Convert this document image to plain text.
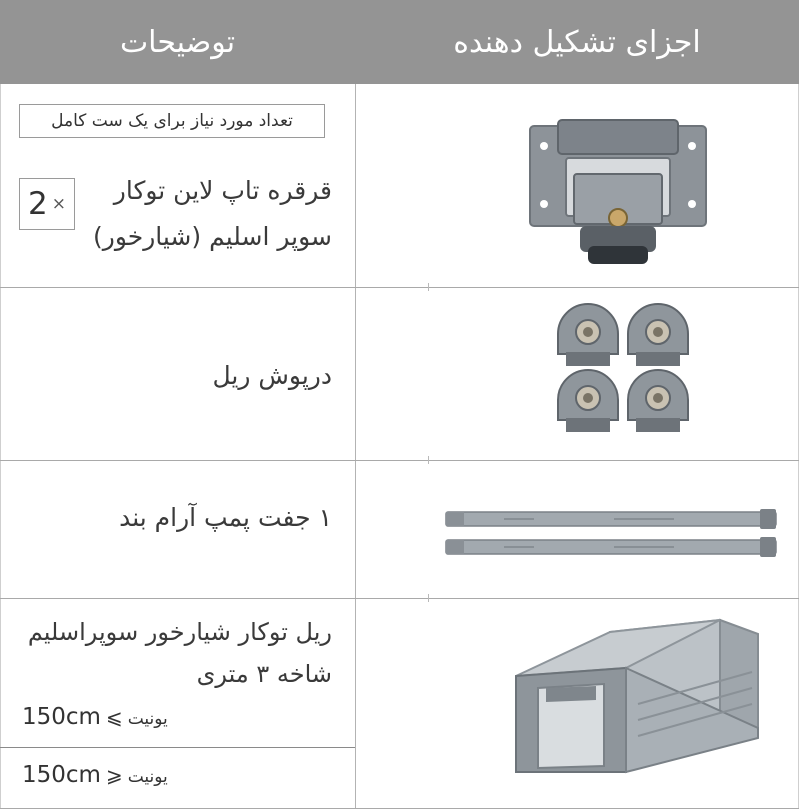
توضیحات	اجزای تشکیل دهنده
تعداد مورد نیاز برای یک ست کامل
2 × قرقره تاپ لاین توکار
سوپر اسلیم (شیارخور)
درپوش ریل
۱ جفت پمپ آرام بند
ریل توکار شیارخور سوپراسلیم
شاخه ۳ متری
150cm ⩽ یونیت
150cm ⩾ یونیت
